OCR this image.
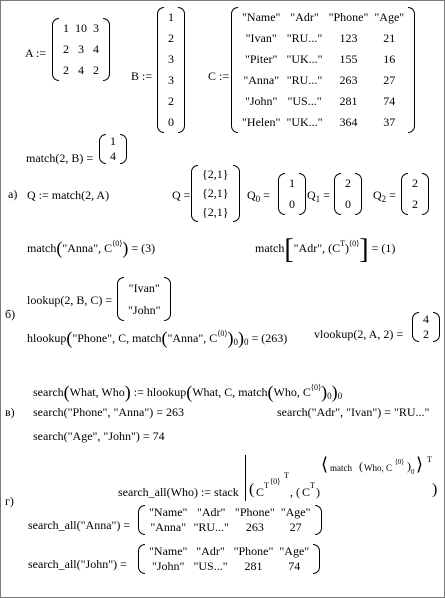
A :=
1	10	3
2	3	4
2	4	2	B :=
1
2
3
3
2
0
C :=
"Name"	"Adr"	"Phone"	"Age"
"Ivan"	"RU..."	123	21
"Piter"	"UK..."	155	16
"Anna"	"RU..."	263	27
"John"	"US..."	281	74
"Helen"	"UK..."	364	37
match(2, B) =
1
4
а) Q := match(2, A)	Q =
{2,1}
{2,1}
{2,1}
$Q_0$ =
1
0
$Q_1$ =
2
0
$Q_2$ =
2
2
match("Anna", $C^{⟨0⟩}) = (3)$	match["Adr", $(C^T)^{⟨0⟩}] = (1)$
б)
lookup(2, B, C) =
"Ivan"
"John"
hlookup("Phone", C, match("Anna", $C^{⟨0⟩})_0)_0 = (263)$ vlookup(2, A, 2) =
4
2
в)
search(What, Who) := hlookup(What, C, match(Who, $C^{⟨0⟩})_0)_0$
search("Phone", "Anna") = 263	search("Adr", "Ivan") = "RU..."
search("Age", "John") = 74
г)
search_all(Who) := stack ( C T ⟨0⟩
T
, ( C T )
⟨ match ( Who, C
⟨0⟩ ) 0 ⟩ T
)
search_all("Anna") =
"Name"	"Adr"	"Phone"	"Age"
"Anna"	"RU..."	263	27
search_all("John") =
"Name"	"Adr"	"Phone"	"Age"
"John"	"US..."	281	74
